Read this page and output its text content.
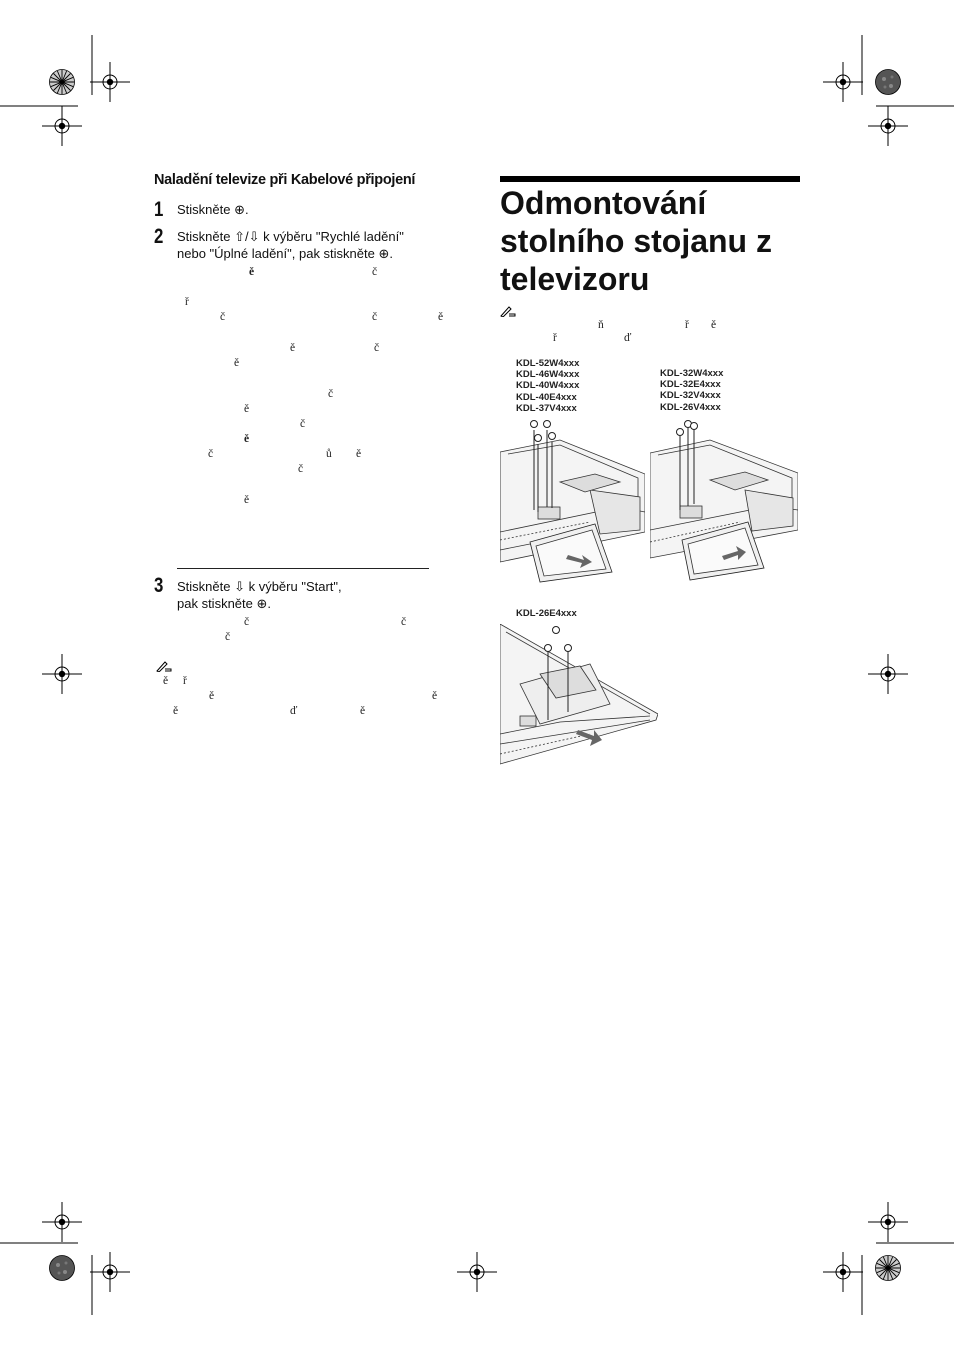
Naladění televize při Kabelové připojení
1 Stiskněte ⊕.
2 Stiskněte ⇧/⇩ k výběru "Rychlé ladění"
nebo "Úplné ladění", pak stiskněte ⊕.
ě	č
ř
č	č	ě
ě	č
ě
č
ě
č
ě
č	ů ě
č
ě
3 Stiskněte ⇩ k výběru "Start",
pak stiskněte ⊕.
č	č
č
ě ř
ě	ě
ě	ď	ě
Odmontování
stolního stojanu z
televizoru
ň	ř ě
ř	ď
KDL-52W4xxx
KDL-46W4xxx
KDL-40W4xxx
KDL-40E4xxx
KDL-37V4xxx
KDL-32W4xxx
KDL-32E4xxx
KDL-32V4xxx
KDL-26V4xxx
KDL-26E4xxx
